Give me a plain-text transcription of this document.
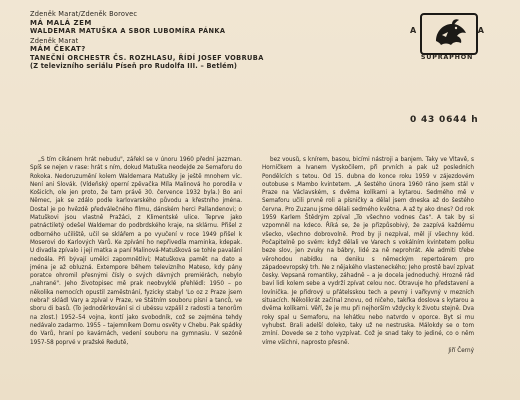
Zdeněk Marat/Zdeněk Borovec
MÁ MALÁ ZEM
WALDEMAR MATUŠKA A SBOR LUBOMÍRA PÁNKA
Zdeněk Marat
MÁM ČEKAT?
TANEČNÍ ORCHESTR ČS. ROZHLASU, ŘÍDÍ JOSEF VOBRUBA
(Z televizního seriálu Píseň pro Rudolfa III. – Betlém)
A	A
SUPRAPHON
0 43 0644 h

„S tím cikánem hrát nebudu", zářekl se v únoru 1960 přední jazzman. Spíš se nejen v rase: hrát s ním, dokud Matuška neodejde ze Semaforu do Rokoka. Nedoruzumění kolem Waldemara Matušky je ještě mnohem víc. Není ani Slovák. (Vídeňský operní zpěvačka Míla Malinová ho porodila v Košicích, ole jen proto, že tam právě 30. července 1932 byla.) Bo ani Němec, jak se zdálo podle karlovarského původu a křestního jména. Dostal je po hvězdě předválečného filmu, dánském herci Pallandenovi; o Matuškovi jsou vlastně Pražáci, z Klimentské ulice. Teprve jako patnáctiletý odešel Waldemar do podbrdského kraje, na sklárnu. Přišel z odborného učiliště, učil se sklářem a po vyučení v roce 1949 přišel k Moserovi do Karlových Varů. Ke zpívání ho nepřivedla maminka, kdepak. U divadla zpívalo i její matka a paní Malinová-Matušková se tohle pavalání nedoála. Při bývají umělci zapomnětliví; Matuškova pamět na dato a jména je až obluzná. Extempore během televizního Mateso, kdy pány poratce ohromil přesnými čísly o svých dávných premiérách, nebylo „nahrané". Jeho životopisec mě prak neobvyklé přehlédl: 1950 – po několika nemocích opustil zaměstnání, fyzicky stabyl 'Lo oz z Praze jsem nebral' skládl Vary a zpíval v Praze, ve Státním souboru písní a tanců, ve sboru di basů. (To jednoděrkování si ci ubéssu vzpálil z radosti a tenorům na zlost.) 1952–54 vojna, kontí jako svobodník, což se zejména tehdy nedávalo zadarmo. 1955 – tajemníkem Domu osvěty v Chebu. Pak spádky do Varů, hraní po kavárnách, vedení souboru na gymnasiu. V sezóně 1957-58 poprvé v pražské Redutě,

bez vousů, s knírem, basou, bicími nástroji a banjem. Taky ve Vltavě, s Horníčkem a Ivanem Vyskočilem, při prvních a pak už posledních Pondělcích s tetou. Od 15. dubna do konce roku 1959 v zájezdovém outobuse s Mambo kvintetem. „A šestého února 1960 ráno jsem stál v Praze na Václavském, s dvěma kolíkami a kytarou. Sedmého mě v Semaforu učili prvně roli a písničky a dělal jsem dneska až do šestého června. Pro Zuzanu jsme dělali sedmého května. A až ty ako dnes? Od rok 1959 Karlem Štědrým zpíval „To všechno vodnes čas". A tak by si vzpomněl na kdeco. Říká se, že je přizpůsobivý, že zazpívá každému všecko, všechno dobrovolně. Prod by ji nezpíval, měl jí všechny kód. Počapitelně po svém: když dělali ve Varech s vokálním kvintetem polku beze slov, jen zvuky na bábry, lidé za ně neprohrát. Ale admiti třebe věrohodou nabídku na deniku s německým repertoárem pro západoevropský trh. Ne z nějakého vlasteneckého; Jeho prostě baví zpívat česky. Vepsaná romantiky, záhadně – a je docela jednoduchý. Hrozně rád baví lidi kolem sebe a vydrží zpívat celou noc. Otravuje ho představení a lovínička. Je přidrový u přátelsskou tech a pevný i vařkyvný v mezních situacích. Několikrát začínal znovu, od ničeho, takřka doslova s kytarou a dvěma kolíkami. Věří, že je mu při nejhorším vždycky k životu stejně. Dva roky spal u Semaforu, na lehátku nebo natvrdo v oporce. Byt si mu vyhubst. Brali adelší doleko, taky už ne nestruska. Málokdy se o tom zmíní. Dovede se z toho vyzpívat. Což je snad taky to jediné, co o něm víme všichni, naprosto přesně.

Jiří Černý
